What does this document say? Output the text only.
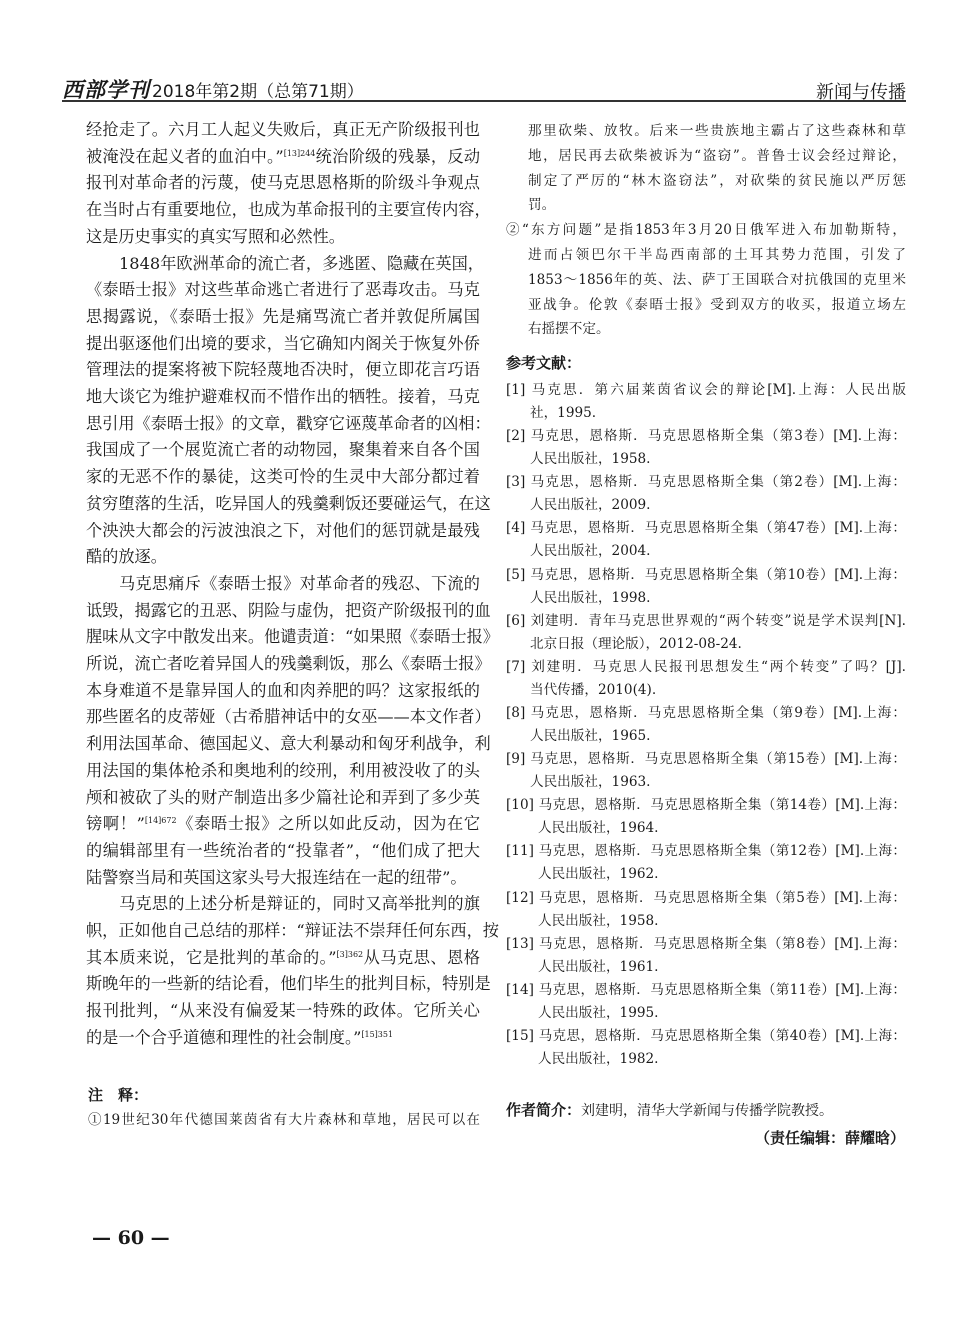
西部学刊 2018年第2期（总第71期）	新闻与传播
经抢走了。六月工人起义失败后，真正无产阶级报刊也
被淹没在起义者的血泊中。”$^{[13]244}$统治阶级的残暴，反动
报刊对革命者的污蔑，使马克思恩格斯的阶级斗争观点
在当时占有重要地位，也成为革命报刊的主要宣传内容，
这是历史事实的真实写照和必然性。
1848年欧洲革命的流亡者，多逃匿、隐藏在英国，
《泰晤士报》对这些革命逃亡者进行了恶毒攻击。马克
思揭露说，《泰晤士报》先是痛骂流亡者并敦促所属国
提出驱逐他们出境的要求，当它确知内阁关于恢复外侨
管理法的提案将被下院轻蔑地否决时，便立即花言巧语
地大谈它为维护避难权而不惜作出的牺牲。接着，马克
思引用《泰晤士报》的文章，戳穿它诬蔑革命者的凶相：
我国成了一个展览流亡者的动物园，聚集着来自各个国
家的无恶不作的暴徒，这类可怜的生灵中大部分都过着
贫穷堕落的生活，吃异国人的残羹剩饭还要碰运气，在这
个泱泱大都会的污波浊浪之下，对他们的惩罚就是最残
酷的放逐。
马克思痛斥《泰晤士报》对革命者的残忍、下流的
诋毁，揭露它的丑恶、阴险与虚伪，把资产阶级报刊的血
腥味从文字中散发出来。他谴责道：“如果照《泰晤士报》
所说，流亡者吃着异国人的残羹剩饭，那么《泰晤士报》
本身难道不是靠异国人的血和肉养肥的吗？这家报纸的
那些匿名的皮蒂娅（古希腊神话中的女巫——本文作者）
利用法国革命、德国起义、意大利暴动和匈牙利战争，利
用法国的集体枪杀和奥地利的绞刑，利用被没收了的头
颅和被砍了头的财产制造出多少篇社论和弄到了多少英
镑啊！”$^{[14]672}$《泰晤士报》之所以如此反动，因为在它
的编辑部里有一些统治者的“投靠者”，“他们成了把大
陆警察当局和英国这家头号大报连结在一起的纽带”。
马克思的上述分析是辩证的，同时又高举批判的旗
帜，正如他自己总结的那样：“辩证法不崇拜任何东西，按
其本质来说，它是批判的革命的。”$^{[3]362}$从马克思、恩格
斯晚年的一些新的结论看，他们毕生的批判目标，特别是
报刊批判，“从来没有偏爱某一特殊的政体。它所关心
的是一个合乎道德和理性的社会制度。”$^{[15]351}$
注　释：
①19世纪30年代德国莱茵省有大片森林和草地，居民可以在
那里砍柴、放牧。后来一些贵族地主霸占了这些森林和草
地，居民再去砍柴被诉为“盗窃”。普鲁士议会经过辩论，
制定了严厉的“林木盗窃法”，对砍柴的贫民施以严厉惩
罚。
②“东方问题”是指1853年3月20日俄军进入布加勒斯特，
进而占领巴尔干半岛西南部的土耳其势力范围，引发了
1853～1856年的英、法、萨丁王国联合对抗俄国的克里米
亚战争。伦敦《泰晤士报》受到双方的收买，报道立场左
右摇摆不定。
参考文献：
[1] 马克思．第六届莱茵省议会的辩论[M].上海：人民出版
社，1995.
[2] 马克思，恩格斯．马克思恩格斯全集（第3卷）[M].上海：
人民出版社，1958.
[3] 马克思，恩格斯．马克思恩格斯全集（第2卷）[M].上海：
人民出版社，2009.
[4] 马克思，恩格斯．马克思恩格斯全集（第47卷）[M].上海：
人民出版社，2004.
[5] 马克思，恩格斯．马克思恩格斯全集（第10卷）[M].上海：
人民出版社，1998.
[6] 刘建明．青年马克思世界观的“两个转变”说是学术误判[N].
北京日报（理论版），2012-08-24.
[7] 刘建明．马克思人民报刊思想发生“两个转变”了吗？[J].
当代传播，2010(4).
[8] 马克思，恩格斯．马克思恩格斯全集（第9卷）[M].上海：
人民出版社，1965.
[9] 马克思，恩格斯．马克思恩格斯全集（第15卷）[M].上海：
人民出版社，1963.
[10] 马克思，恩格斯．马克思恩格斯全集（第14卷）[M].上海：
人民出版社，1964.
[11] 马克思，恩格斯．马克思恩格斯全集（第12卷）[M].上海：
人民出版社，1962.
[12] 马克思，恩格斯．马克思恩格斯全集（第5卷）[M].上海：
人民出版社，1958.
[13] 马克思，恩格斯．马克思恩格斯全集（第8卷）[M].上海：
人民出版社，1961.
[14] 马克思，恩格斯．马克思恩格斯全集（第11卷）[M].上海：
人民出版社，1995.
[15] 马克思，恩格斯．马克思恩格斯全集（第40卷）[M].上海：
人民出版社，1982.
作者简介：刘建明，清华大学新闻与传播学院教授。
（责任编辑：薛耀晗）
— 60 —
